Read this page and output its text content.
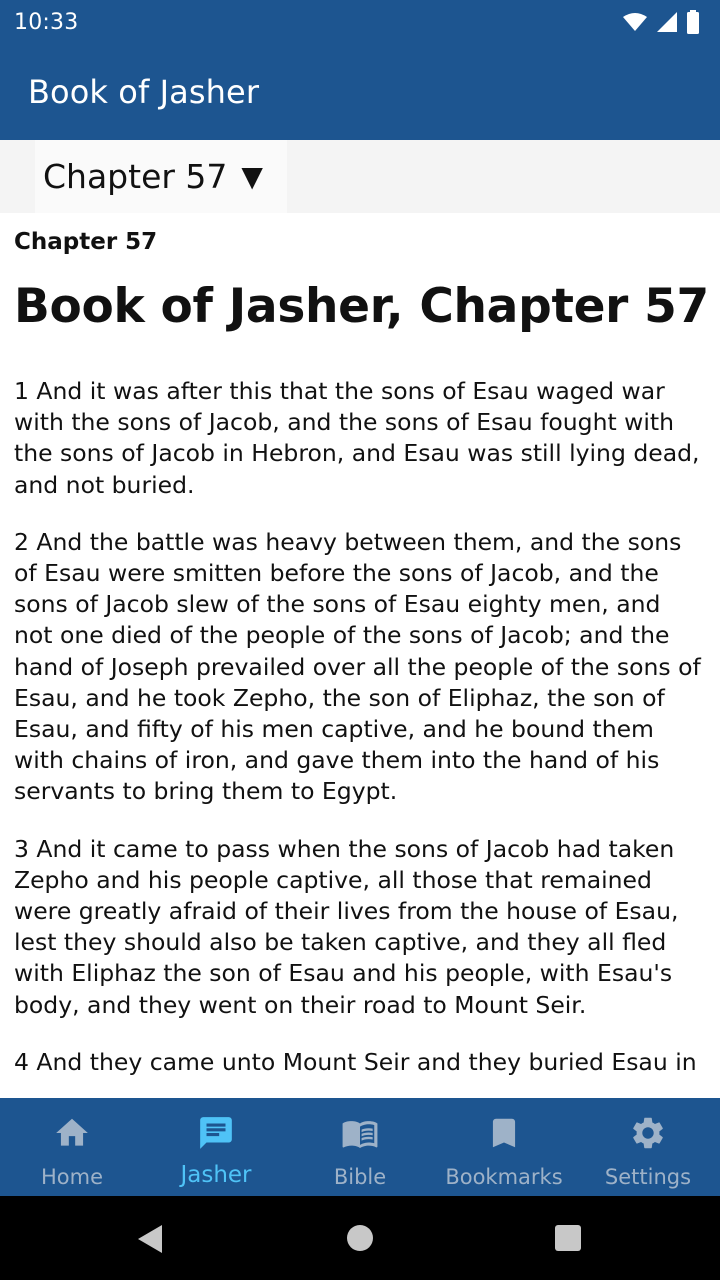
10:33
Book of Jasher
Chapter 57 ▼
Chapter 57
Book of Jasher, Chapter 57

1 And it was after this that the sons of Esau waged war with the sons of Jacob, and the sons of Esau fought with the sons of Jacob in Hebron, and Esau was still lying dead, and not buried.

2 And the battle was heavy between them, and the sons of Esau were smitten before the sons of Jacob, and the sons of Jacob slew of the sons of Esau eighty men, and not one died of the people of the sons of Jacob; and the hand of Joseph prevailed over all the people of the sons of Esau, and he took Zepho, the son of Eliphaz, the son of Esau, and fifty of his men captive, and he bound them with chains of iron, and gave them into the hand of his servants to bring them to Egypt.

3 And it came to pass when the sons of Jacob had taken Zepho and his people captive, all those that remained were greatly afraid of their lives from the house of Esau, lest they should also be taken captive, and they all fled with Eliphaz the son of Esau and his people, with Esau's body, and they went on their road to Mount Seir.

4 And they came unto Mount Seir and they buried Esau in

Home	Jasher	Bible	Bookmarks Settings
